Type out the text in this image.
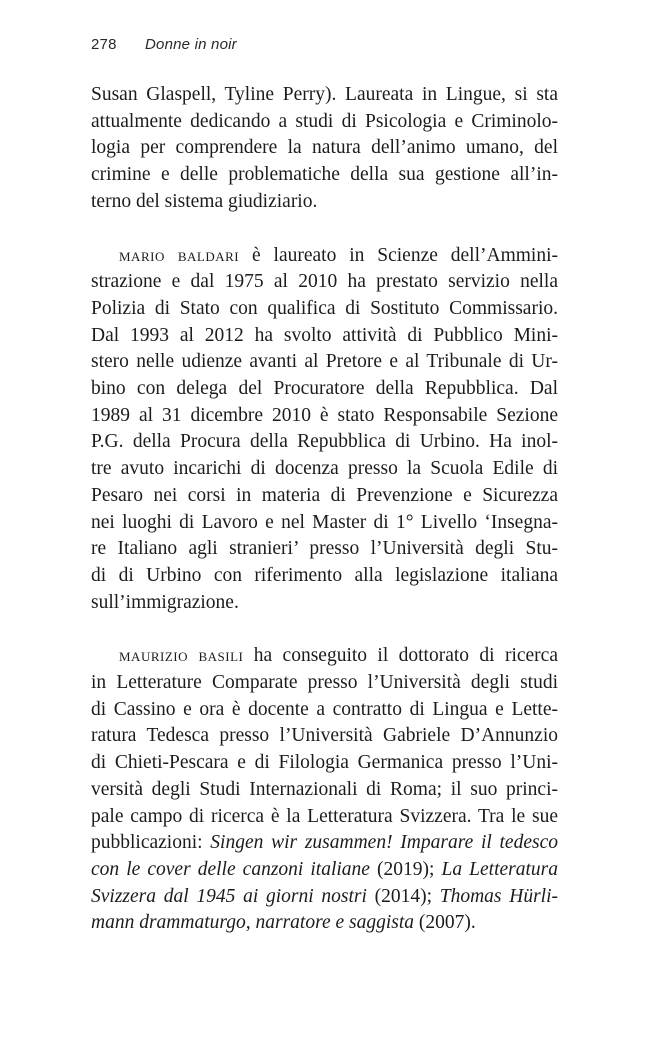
278 Donne in noir

Susan Glaspell, Tyline Perry). Laureata in Lingue, si sta
attualmente dedicando a studi di Psicologia e Criminolo-
logia per comprendere la natura dell’animo umano, del
crimine e delle problematiche della sua gestione all’in-
terno del sistema giudiziario.

mario baldari è laureato in Scienze dell’Ammini-
strazione e dal 1975 al 2010 ha prestato servizio nella
Polizia di Stato con qualifica di Sostituto Commissario.
Dal 1993 al 2012 ha svolto attività di Pubblico Mini-
stero nelle udienze avanti al Pretore e al Tribunale di Ur-
bino con delega del Procuratore della Repubblica. Dal
1989 al 31 dicembre 2010 è stato Responsabile Sezione
P.G. della Procura della Repubblica di Urbino. Ha inol-
tre avuto incarichi di docenza presso la Scuola Edile di
Pesaro nei corsi in materia di Prevenzione e Sicurezza
nei luoghi di Lavoro e nel Master di 1° Livello ‘Insegna-
re Italiano agli stranieri’ presso l’Università degli Stu-
di di Urbino con riferimento alla legislazione italiana
sull’immigrazione.

maurizio basili ha conseguito il dottorato di ricerca
in Letterature Comparate presso l’Università degli studi
di Cassino e ora è docente a contratto di Lingua e Lette-
ratura Tedesca presso l’Università Gabriele D’Annunzio
di Chieti-Pescara e di Filologia Germanica presso l’Uni-
versità degli Studi Internazionali di Roma; il suo princi-
pale campo di ricerca è la Letteratura Svizzera. Tra le sue
pubblicazioni: Singen wir zusammen! Imparare il tedesco
con le cover delle canzoni italiane (2019); La Letteratura
Svizzera dal 1945 ai giorni nostri (2014); Thomas Hürli-
mann drammaturgo, narratore e saggista (2007).
